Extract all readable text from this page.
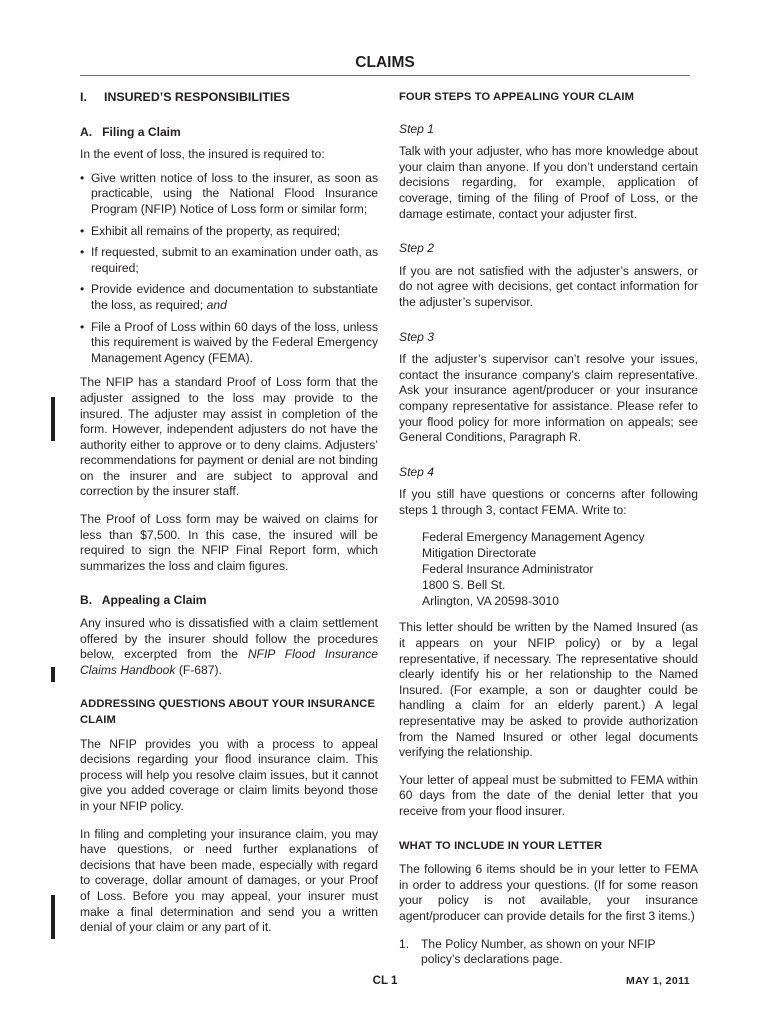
CLAIMS
I.	INSURED’S RESPONSIBILITIES

A.   Filing a Claim

In the event of loss, the insured is required to:

• Give written notice of loss to the insurer, as soon as practicable, using the National Flood Insurance Program (NFIP) Notice of Loss form or similar form;
• Exhibit all remains of the property, as required;
• If requested, submit to an examination under oath, as required;
• Provide evidence and documentation to substantiate the loss, as required; and
• File a Proof of Loss within 60 days of the loss, unless this requirement is waived by the Federal Emergency Management Agency (FEMA).

The NFIP has a standard Proof of Loss form that the adjuster assigned to the loss may provide to the insured. The adjuster may assist in completion of the form. However, independent adjusters do not have the authority either to approve or to deny claims. Adjusters’ recommendations for payment or denial are not binding on the insurer and are subject to approval and correction by the insurer staff.

The Proof of Loss form may be waived on claims for less than $7,500. In this case, the insured will be required to sign the NFIP Final Report form, which summarizes the loss and claim figures.

B.   Appealing a Claim

Any insured who is dissatisfied with a claim settlement offered by the insurer should follow the procedures below, excerpted from the NFIP Flood Insurance Claims Handbook (F-687).

ADDRESSING QUESTIONS ABOUT YOUR INSURANCE CLAIM

The NFIP provides you with a process to appeal decisions regarding your flood insurance claim. This process will help you resolve claim issues, but it cannot give you added coverage or claim limits beyond those in your NFIP policy.

In filing and completing your insurance claim, you may have questions, or need further explanations of decisions that have been made, especially with regard to coverage, dollar amount of damages, or your Proof of Loss. Before you may appeal, your insurer must make a final determination and send you a written denial of your claim or any part of it.

FOUR STEPS TO APPEALING YOUR CLAIM

Step 1

Talk with your adjuster, who has more knowledge about your claim than anyone. If you don’t understand certain decisions regarding, for example, application of coverage, timing of the filing of Proof of Loss, or the damage estimate, contact your adjuster first.

Step 2

If you are not satisfied with the adjuster’s answers, or do not agree with decisions, get contact information for the adjuster’s supervisor.

Step 3

If the adjuster’s supervisor can’t resolve your issues, contact the insurance company’s claim representative. Ask your insurance agent/producer or your insurance company representative for assistance. Please refer to your flood policy for more information on appeals; see General Conditions, Paragraph R.

Step 4

If you still have questions or concerns after following steps 1 through 3, contact FEMA. Write to:

Federal Emergency Management Agency
Mitigation Directorate
Federal Insurance Administrator
1800 S. Bell St.
Arlington, VA 20598-3010

This letter should be written by the Named Insured (as it appears on your NFIP policy) or by a legal representative, if necessary. The representative should clearly identify his or her relationship to the Named Insured. (For example, a son or daughter could be handling a claim for an elderly parent.) A legal representative may be asked to provide authorization from the Named Insured or other legal documents verifying the relationship.

Your letter of appeal must be submitted to FEMA within 60 days from the date of the denial letter that you receive from your flood insurer.

WHAT TO INCLUDE IN YOUR LETTER

The following 6 items should be in your letter to FEMA in order to address your questions. (If for some reason your policy is not available, your insurance agent/producer can provide details for the first 3 items.)

1. The Policy Number, as shown on your NFIP policy’s declarations page.
CL 1	MAY 1, 2011
